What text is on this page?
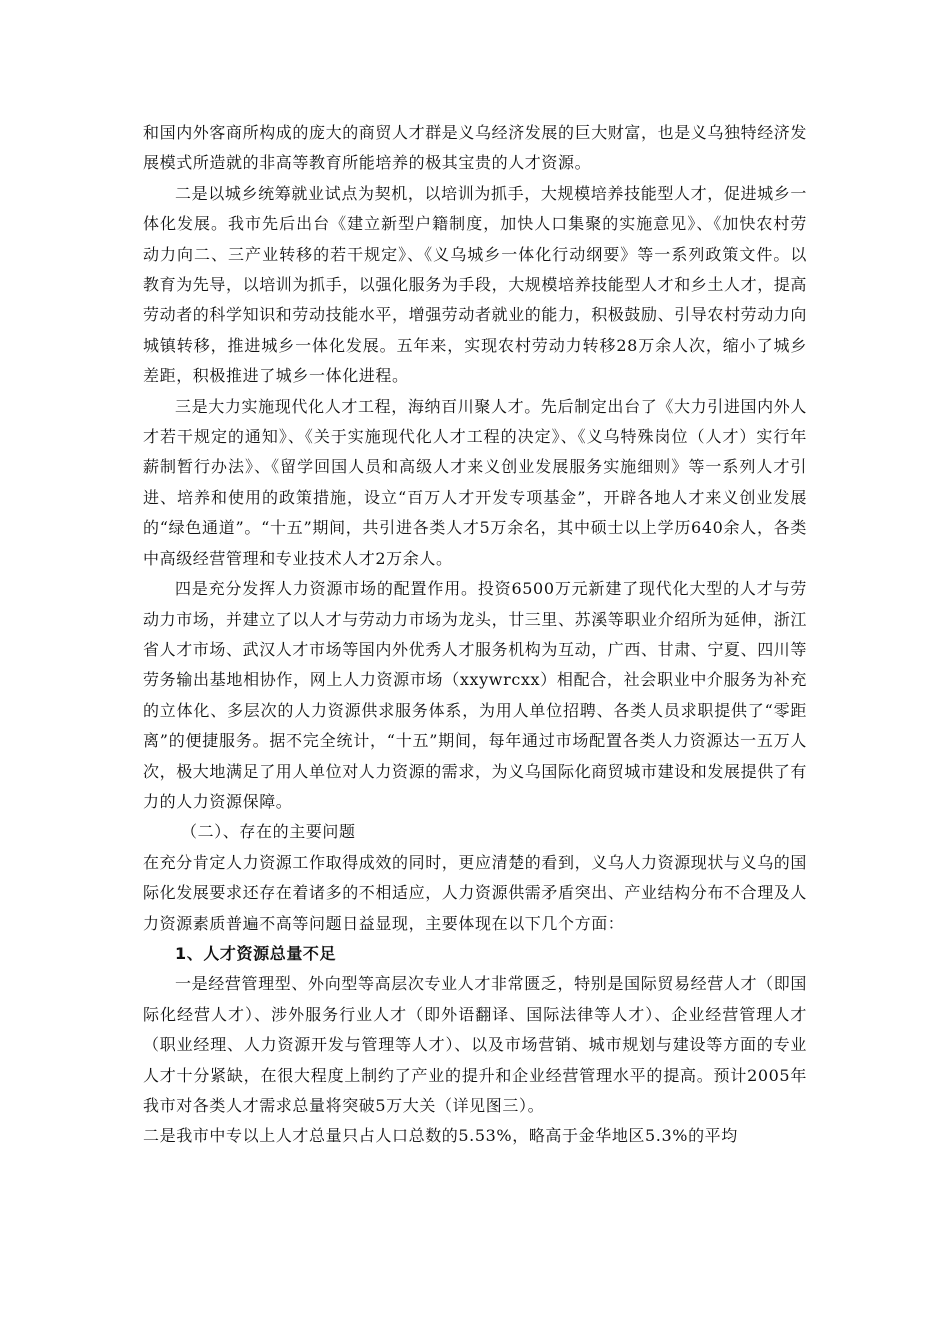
和国内外客商所构成的庞大的商贸人才群是义乌经济发展的巨大财富，也是义乌独特经济发展模式所造就的非高等教育所能培养的极其宝贵的人才资源。

二是以城乡统筹就业试点为契机，以培训为抓手，大规模培养技能型人才，促进城乡一体化发展。我市先后出台《建立新型户籍制度，加快人口集聚的实施意见》、《加快农村劳动力向二、三产业转移的若干规定》、《义乌城乡一体化行动纲要》等一系列政策文件。以教育为先导，以培训为抓手，以强化服务为手段，大规模培养技能型人才和乡土人才，提高劳动者的科学知识和劳动技能水平，增强劳动者就业的能力，积极鼓励、引导农村劳动力向城镇转移，推进城乡一体化发展。五年来，实现农村劳动力转移28万余人次，缩小了城乡差距，积极推进了城乡一体化进程。

三是大力实施现代化人才工程，海纳百川聚人才。先后制定出台了《大力引进国内外人才若干规定的通知》、《关于实施现代化人才工程的决定》、《义乌特殊岗位（人才）实行年薪制暂行办法》、《留学回国人员和高级人才来义创业发展服务实施细则》等一系列人才引进、培养和使用的政策措施，设立“百万人才开发专项基金”，开辟各地人才来义创业发展的“绿色通道”。“十五”期间，共引进各类人才5万余名，其中硕士以上学历640余人，各类中高级经营管理和专业技术人才2万余人。

四是充分发挥人力资源市场的配置作用。投资6500万元新建了现代化大型的人才与劳动力市场，并建立了以人才与劳动力市场为龙头，廿三里、苏溪等职业介绍所为延伸，浙江省人才市场、武汉人才市场等国内外优秀人才服务机构为互动，广西、甘肃、宁夏、四川等劳务输出基地相协作，网上人力资源市场（xxywrcxx）相配合，社会职业中介服务为补充的立体化、多层次的人力资源供求服务体系，为用人单位招聘、各类人员求职提供了“零距离”的便捷服务。据不完全统计，“十五”期间，每年通过市场配置各类人力资源达一五万人次，极大地满足了用人单位对人力资源的需求，为义乌国际化商贸城市建设和发展提供了有力的人力资源保障。

（二）、存在的主要问题

在充分肯定人力资源工作取得成效的同时，更应清楚的看到，义乌人力资源现状与义乌的国际化发展要求还存在着诸多的不相适应，人力资源供需矛盾突出、产业结构分布不合理及人力资源素质普遍不高等问题日益显现，主要体现在以下几个方面：

1、人才资源总量不足

一是经营管理型、外向型等高层次专业人才非常匮乏，特别是国际贸易经营人才（即国际化经营人才）、涉外服务行业人才（即外语翻译、国际法律等人才）、企业经营管理人才（职业经理、人力资源开发与管理等人才）、以及市场营销、城市规划与建设等方面的专业人才十分紧缺，在很大程度上制约了产业的提升和企业经营管理水平的提高。预计2005年我市对各类人才需求总量将突破5万大关（详见图三）。

二是我市中专以上人才总量只占人口总数的5.53%，略高于金华地区5.3%的平均
